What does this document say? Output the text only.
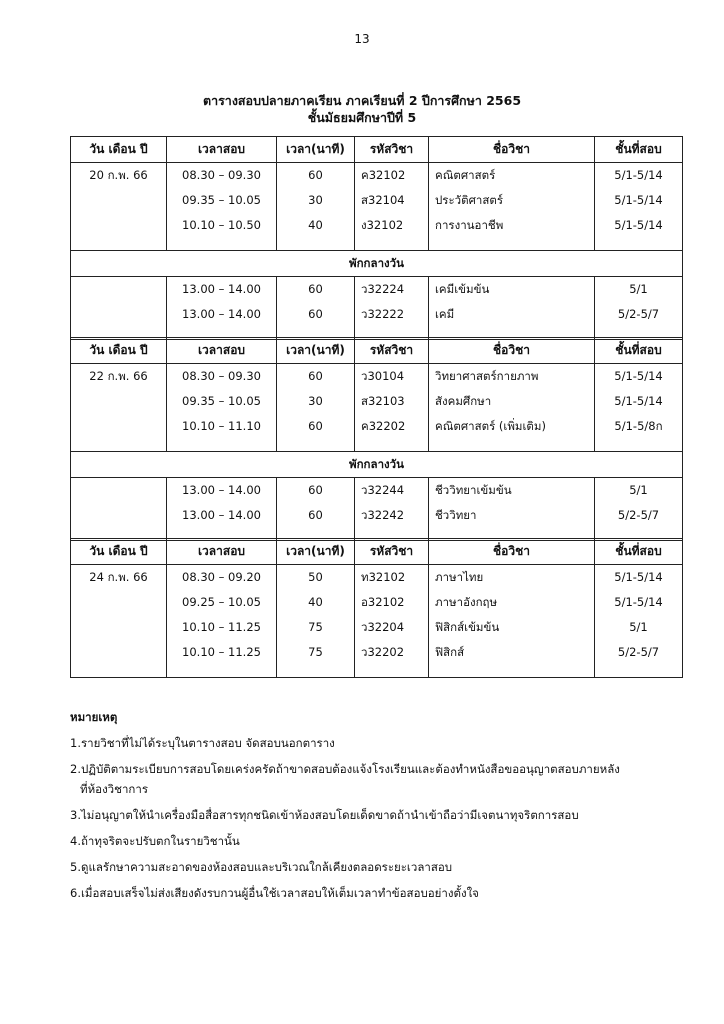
13
ตารางสอบปลายภาคเรียน ภาคเรียนที่ 2 ปีการศึกษา 2565
ชั้นมัธยมศึกษาปีที่ 5
วัน เดือน ปี	เวลาสอบ	เวลา(นาที)	รหัสวิชา	ชื่อวิชา	ชั้นที่สอบ
20 ก.พ. 66	08.30 – 09.30	60	ค32102	คณิตศาสตร์	5/1-5/14
	09.35 – 10.05	30	ส32104	ประวัติศาสตร์	5/1-5/14
	10.10 – 10.50	40	ง32102	การงานอาชีพ	5/1-5/14

พักกลางวัน					
	13.00 – 14.00	60	ว32224	เคมีเข้มข้น	5/1
	13.00 – 14.00	60	ว32222	เคมี	5/2-5/7

วัน เดือน ปี	เวลาสอบ	เวลา(นาที)	รหัสวิชา	ชื่อวิชา	ชั้นที่สอบ
22 ก.พ. 66	08.30 – 09.30	60	ว30104	วิทยาศาสตร์กายภาพ	5/1-5/14
	09.35 – 10.05	30	ส32103	สังคมศึกษา	5/1-5/14
	10.10 – 11.10	60	ค32202	คณิตศาสตร์ (เพิ่มเติม)	5/1-5/8ก

พักกลางวัน					
	13.00 – 14.00	60	ว32244	ชีววิทยาเข้มข้น	5/1
	13.00 – 14.00	60	ว32242	ชีววิทยา	5/2-5/7

วัน เดือน ปี	เวลาสอบ	เวลา(นาที)	รหัสวิชา	ชื่อวิชา	ชั้นที่สอบ
24 ก.พ. 66	08.30 – 09.20	50	ท32102	ภาษาไทย	5/1-5/14
	09.25 – 10.05	40	อ32102	ภาษาอังกฤษ	5/1-5/14
	10.10 – 11.25	75	ว32204	ฟิสิกส์เข้มข้น	5/1
	10.10 – 11.25	75	ว32202	ฟิสิกส์	5/2-5/7

หมายเหตุ
1.รายวิชาที่ไม่ได้ระบุในตารางสอบ จัดสอบนอกตาราง
2.ปฏิบัติตามระเบียบการสอบโดยเคร่งครัดถ้าขาดสอบต้องแจ้งโรงเรียนและต้องทำหนังสือขออนุญาตสอบภายหลัง
ที่ห้องวิชาการ
3.ไม่อนุญาตให้นำเครื่องมือสื่อสารทุกชนิดเข้าห้องสอบโดยเด็ดขาดถ้านำเข้าถือว่ามีเจตนาทุจริตการสอบ
4.ถ้าทุจริตจะปรับตกในรายวิชานั้น
5.ดูแลรักษาความสะอาดของห้องสอบและบริเวณใกล้เคียงตลอดระยะเวลาสอบ
6.เมื่อสอบเสร็จไม่ส่งเสียงดังรบกวนผู้อื่นใช้เวลาสอบให้เต็มเวลาทำข้อสอบอย่างตั้งใจ
